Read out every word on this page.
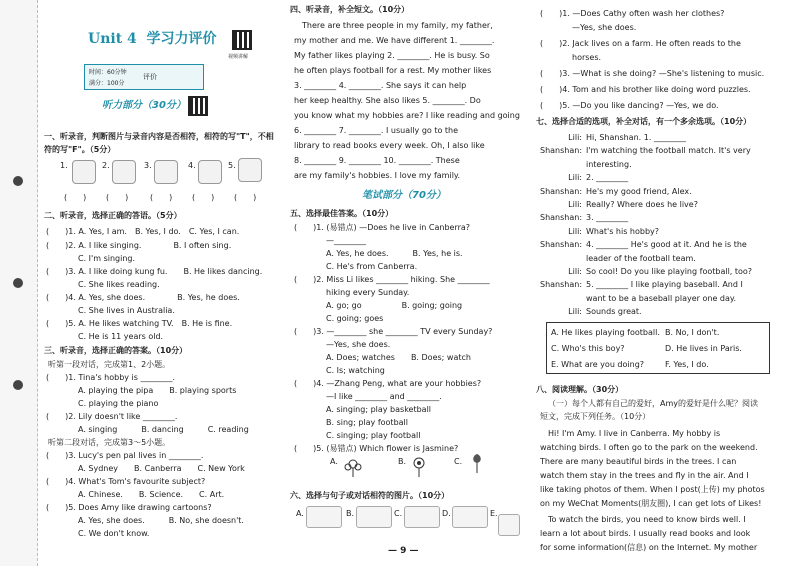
Unit 4 学习力评价
视频讲解
时间：60分钟
满分：100分
评价
听力部分（30分）
一、听录音，判断图片与录音内容是否相符，相符的写"T"，不相
符的写"F"。（5分）
1.	2.	3.	4.	5.
(　　) (　　)	(　　) (　　) (　　)
二、听录音，选择正确的答语。（5分）
(　　)1. A. Yes, I am.　B. Yes, I do.　C. Yes, I can.
(　　)2. A. I like singing.　　　　B. I often sing.
　　　　C. I'm singing.
(　　)3. A. I like doing kung fu.　　B. He likes dancing.
　　　　C. She likes reading.
(　　)4. A. Yes, she does.　　　　B. Yes, he does.
　　　　C. She lives in Australia.
(　　)5. A. He likes watching TV.　B. He is fine.
　　　　C. He is 11 years old.
三、听录音，选择正确的答案。（10分）
听第一段对话，完成第1、2小题。
(　　)1. Tina's hobby is ________.
　　　　A. playing the pipa　　B. playing sports
　　　　C. playing the piano
(　　)2. Lily doesn't like ________.
　　　　A. singing　　　B. dancing　　　C. reading
听第二段对话，完成第3～5小题。
(　　)3. Lucy's pen pal lives in ________.
　　　　A. Sydney　　B. Canberra　　C. New York
(　　)4. What's Tom's favourite subject?
　　　　A. Chinese.　　B. Science.　　C. Art.
(　　)5. Does Amy like drawing cartoons?
　　　　A. Yes, she does.　　　B. No, she doesn't.
　　　　C. We don't know.
四、听录音，补全短文。（10分）
　There are three people in my family, my father,
my mother and me. We have different 1. ________.
My father likes playing 2. ________. He is busy. So
he often plays football for a rest. My mother likes
3. ________ 4. ________. She says it can help
her keep healthy. She also likes 5. ________. Do
you know what my hobbies are? I like reading and going
6. ________ 7. ________. I usually go to the
library to read books every week. Oh, I also like
8. ________ 9. ________ 10. ________. These
are my family's hobbies. I love my family.
笔试部分（70分）
五、选择最佳答案。（10分）
(　　)1. (易错点) —Does he live in Canberra?
　　　　—________
　　　　A. Yes, he does.　　　B. Yes, he is.
　　　　C. He's from Canberra.
(　　)2. Miss Li likes ________ hiking. She ________
　　　　hiking every Sunday.
　　　　A. go; go　　　　　B. going; going
　　　　C. going; goes
(　　)3. —________ she ________ TV every Sunday?
　　　　—Yes, she does.
　　　　A. Does; watches　　B. Does; watch
　　　　C. Is; watching
(　　)4. —Zhang Peng, what are your hobbies?
　　　　—I like ________ and ________.
　　　　A. singing; play basketball
　　　　B. sing; play football
　　　　C. singing; play football
(　　)5. (易错点) Which flower is Jasmine?
A.	B.	C.
六、选择与句子或对话相符的图片。（10分）
A.	B.	C.	D.	E.
— 9 —
(　　)1. —Does Cathy often wash her clothes?
　　　　—Yes, she does.
(　　)2. Jack lives on a farm. He often reads to the
　　　　horses.
(　　)3. —What is she doing? —She's listening to music.
(　　)4. Tom and his brother like doing word puzzles.
(　　)5. —Do you like dancing? —Yes, we do.
七、选择合适的选项，补全对话，有一个多余选项。（10分）
Lili: Hi, Shanshan. 1. ________
Shanshan: I'm watching the football match. It's very
interesting.
Lili: 2. ________
Shanshan: He's my good friend, Alex.
Lili: Really? Where does he live?
Shanshan: 3. ________
Lili: What's his hobby?
Shanshan: 4. ________ He's good at it. And he is the
leader of the football team.
Lili: So cool! Do you like playing football, too?
Shanshan: 5. ________ I like playing baseball. And I
want to be a baseball player one day.
Lili: Sounds great.
A. He likes playing football. B. No, I don't.
C. Who's this boy?	D. He lives in Paris.
E. What are you doing?	F. Yes, I do.
八、阅读理解。（30分）
（一）每个人都有自己的爱好，Amy的爱好是什么呢？阅读
短文，完成下列任务。（10分）
　Hi! I'm Amy. I live in Canberra. My hobby is
watching birds. I often go to the park on the weekend.
There are many beautiful birds in the trees. I can
watch them stay in the trees and fly in the air. And I
like taking photos of them. When I post(上传) my photos
on my WeChat Moments(朋友圈), I can get lots of Likes!
　To watch the birds, you need to know birds well. I
learn a lot about birds. I usually read books and look
for some information(信息) on the Internet. My mother
